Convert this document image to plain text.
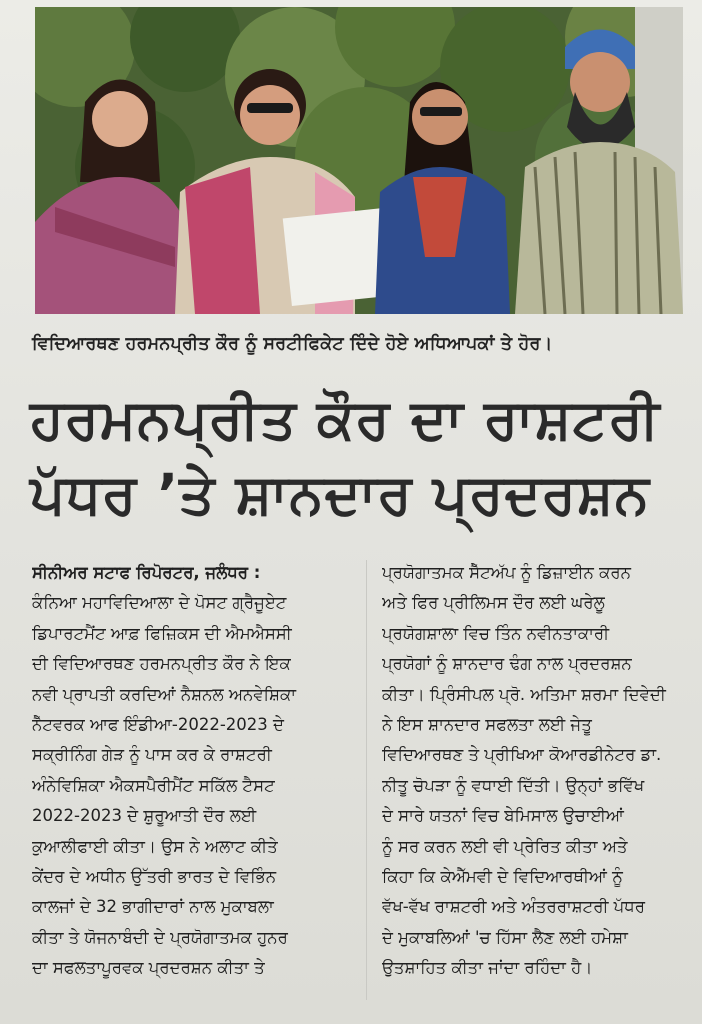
ਵਿਦਿਆਰਥਣ ਹਰਮਨਪ੍ਰੀਤ ਕੌਰ ਨੂੰ ਸਰਟੀਫਿਕੇਟ ਦਿੰਦੇ ਹੋਏ ਅਧਿਆਪਕਾਂ ਤੇ ਹੋਰ।
ਹਰਮਨਪ੍ਰੀਤ ਕੌਰ ਦਾ ਰਾਸ਼ਟਰੀ
ਪੱਧਰ ’ਤੇ ਸ਼ਾਨਦਾਰ ਪ੍ਰਦਰਸ਼ਨ
ਸੀਨੀਅਰ ਸਟਾਫ ਰਿਪੋਰਟਰ, ਜਲੰਧਰ :
ਕੰਨਿਆ ਮਹਾਵਿਦਿਆਲਾ ਦੇ ਪੋਸਟ ਗ੍ਰੈਜੂਏਟ
ਡਿਪਾਰਟਮੈਂਟ ਆਫ਼ ਫਿਜ਼ਿਕਸ ਦੀ ਐਮਐਸਸੀ
ਦੀ ਵਿਦਿਆਰਥਣ ਹਰਮਨਪ੍ਰੀਤ ਕੌਰ ਨੇ ਇਕ
ਨਵੀ ਪ੍ਰਾਪਤੀ ਕਰਦਿਆਂ ਨੈਸ਼ਨਲ ਅਨਵੇਸ਼ਿਕਾ
ਨੈੱਟਵਰਕ ਆਫ ਇੰਡੀਆ-2022-2023 ਦੇ
ਸਕ੍ਰੀਨਿੰਗ ਗੇੜ ਨੂੰ ਪਾਸ ਕਰ ਕੇ ਰਾਸ਼ਟਰੀ
ਅੰਨੇਵਿਸ਼ਿਕਾ ਐਕਸਪੈਰੀਮੈਂਟ ਸਕਿੱਲ ਟੈਸਟ
2022-2023 ਦੇ ਸ਼ੁਰੂਆਤੀ ਦੌਰ ਲਈ
ਕੁਆਲੀਫਾਈ ਕੀਤਾ। ਉਸ ਨੇ ਅਲਾਟ ਕੀਤੇ
ਕੇਂਦਰ ਦੇ ਅਧੀਨ ਉੱਤਰੀ ਭਾਰਤ ਦੇ ਵਿਭਿੰਨ
ਕਾਲਜਾਂ ਦੇ 32 ਭਾਗੀਦਾਰਾਂ ਨਾਲ ਮੁਕਾਬਲਾ
ਕੀਤਾ ਤੇ ਯੋਜਨਾਬੰਦੀ ਦੇ ਪ੍ਰਯੋਗਾਤਮਕ ਹੁਨਰ
ਦਾ ਸਫਲਤਾਪੂਰਵਕ ਪ੍ਰਦਰਸ਼ਨ ਕੀਤਾ ਤੇ
ਪ੍ਰਯੋਗਾਤਮਕ ਸੈੱਟਅੱਪ ਨੂੰ ਡਿਜ਼ਾਈਨ ਕਰਨ
ਅਤੇ ਫਿਰ ਪ੍ਰੀਲਿਮਸ ਦੌਰ ਲਈ ਘਰੇਲੂ
ਪ੍ਰਯੋਗਸ਼ਾਲਾ ਵਿਚ ਤਿੰਨ ਨਵੀਨਤਾਕਾਰੀ
ਪ੍ਰਯੋਗਾਂ ਨੂੰ ਸ਼ਾਨਦਾਰ ਢੰਗ ਨਾਲ ਪ੍ਰਦਰਸ਼ਨ
ਕੀਤਾ। ਪ੍ਰਿੰਸੀਪਲ ਪ੍ਰੋ. ਅਤਿਮਾ ਸ਼ਰਮਾ ਦਿਵੇਦੀ
ਨੇ ਇਸ ਸ਼ਾਨਦਾਰ ਸਫਲਤਾ ਲਈ ਜੇਤੂ
ਵਿਦਿਆਰਥਣ ਤੇ ਪ੍ਰੀਖਿਆ ਕੋਆਰਡੀਨੇਟਰ ਡਾ.
ਨੀਤੂ ਚੋਪੜਾ ਨੂੰ ਵਧਾਈ ਦਿੱਤੀ। ਉਨ੍ਹਾਂ ਭਵਿੱਖ
ਦੇ ਸਾਰੇ ਯਤਨਾਂ ਵਿਚ ਬੇਮਿਸਾਲ ਉਚਾਈਆਂ
ਨੂੰ ਸਰ ਕਰਨ ਲਈ ਵੀ ਪ੍ਰੇਰਿਤ ਕੀਤਾ ਅਤੇ
ਕਿਹਾ ਕਿ ਕੇਐੱਮਵੀ ਦੇ ਵਿਦਿਆਰਥੀਆਂ ਨੂੰ
ਵੱਖ-ਵੱਖ ਰਾਸ਼ਟਰੀ ਅਤੇ ਅੰਤਰਰਾਸ਼ਟਰੀ ਪੱਧਰ
ਦੇ ਮੁਕਾਬਲਿਆਂ 'ਚ ਹਿੱਸਾ ਲੈਣ ਲਈ ਹਮੇਸ਼ਾ
ਉਤਸ਼ਾਹਿਤ ਕੀਤਾ ਜਾਂਦਾ ਰਹਿੰਦਾ ਹੈ।
